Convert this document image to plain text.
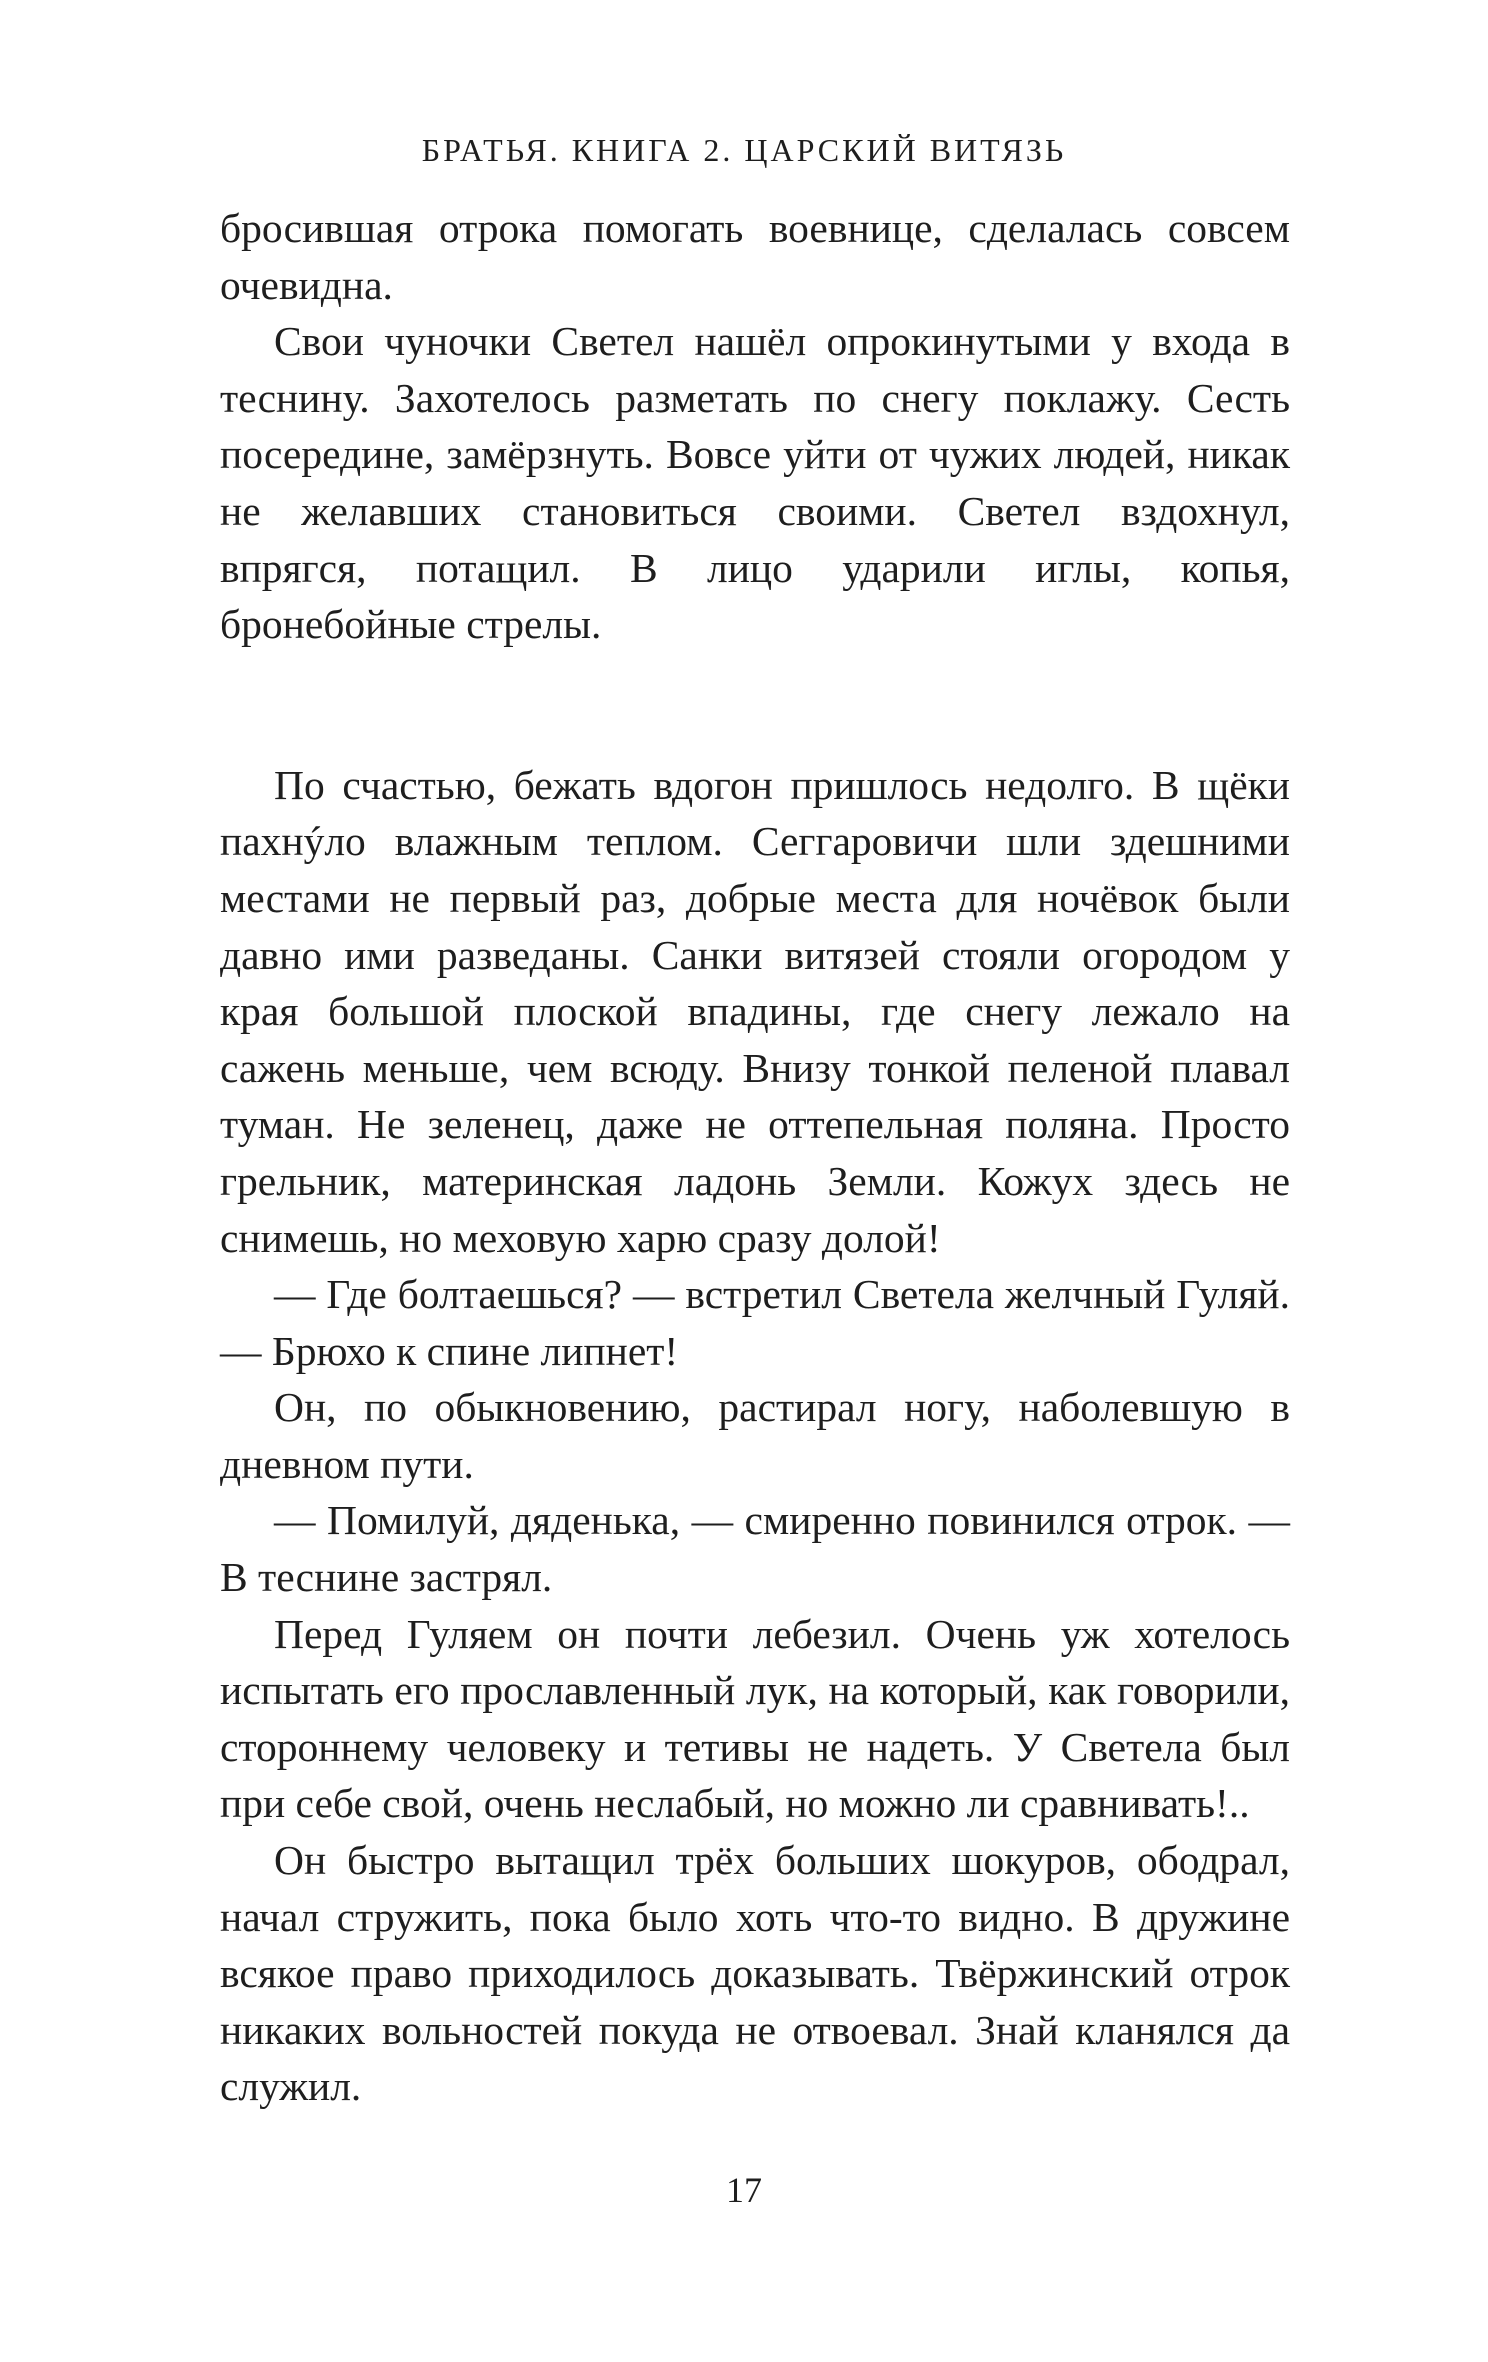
БРАТЬЯ. КНИГА 2. ЦАРСКИЙ ВИТЯЗЬ

бросившая отрока помогать воевнице, сделалась совсем очевидна.

Свои чуночки Светел нашёл опрокинутыми у входа в теснину. Захотелось разметать по снегу поклажу. Сесть посередине, замёрзнуть. Вовсе уйти от чужих людей, никак не желавших становиться своими. Светел вздохнул, впрягся, потащил. В лицо ударили иглы, копья, бронебойные стрелы.

По счастью, бежать вдогон пришлось недолго. В щёки пахнýло влажным теплом. Сеггаровичи шли здешними местами не первый раз, добрые места для ночёвок были давно ими разведаны. Санки витязей стояли огородом у края большой плоской впадины, где снегу лежало на сажень меньше, чем всюду. Внизу тонкой пеленой плавал туман. Не зеленец, даже не оттепельная поляна. Просто грельник, материнская ладонь Земли. Кожух здесь не снимешь, но меховую харю сразу долой!

— Где болтаешься? — встретил Светела желчный Гуляй. — Брюхо к спине липнет!

Он, по обыкновению, растирал ногу, наболевшую в дневном пути.

— Помилуй, дяденька, — смиренно повинился отрок. — В теснине застрял.

Перед Гуляем он почти лебезил. Очень уж хотелось испытать его прославленный лук, на который, как говорили, стороннему человеку и тетивы не надеть. У Светела был при себе свой, очень неслабый, но можно ли сравнивать!..

Он быстро вытащил трёх больших шокуров, ободрал, начал стружить, пока было хоть что-то видно. В дружине всякое право приходилось доказывать. Твёржинский отрок никаких вольностей покуда не отвоевал. Знай кланялся да служил.

17
